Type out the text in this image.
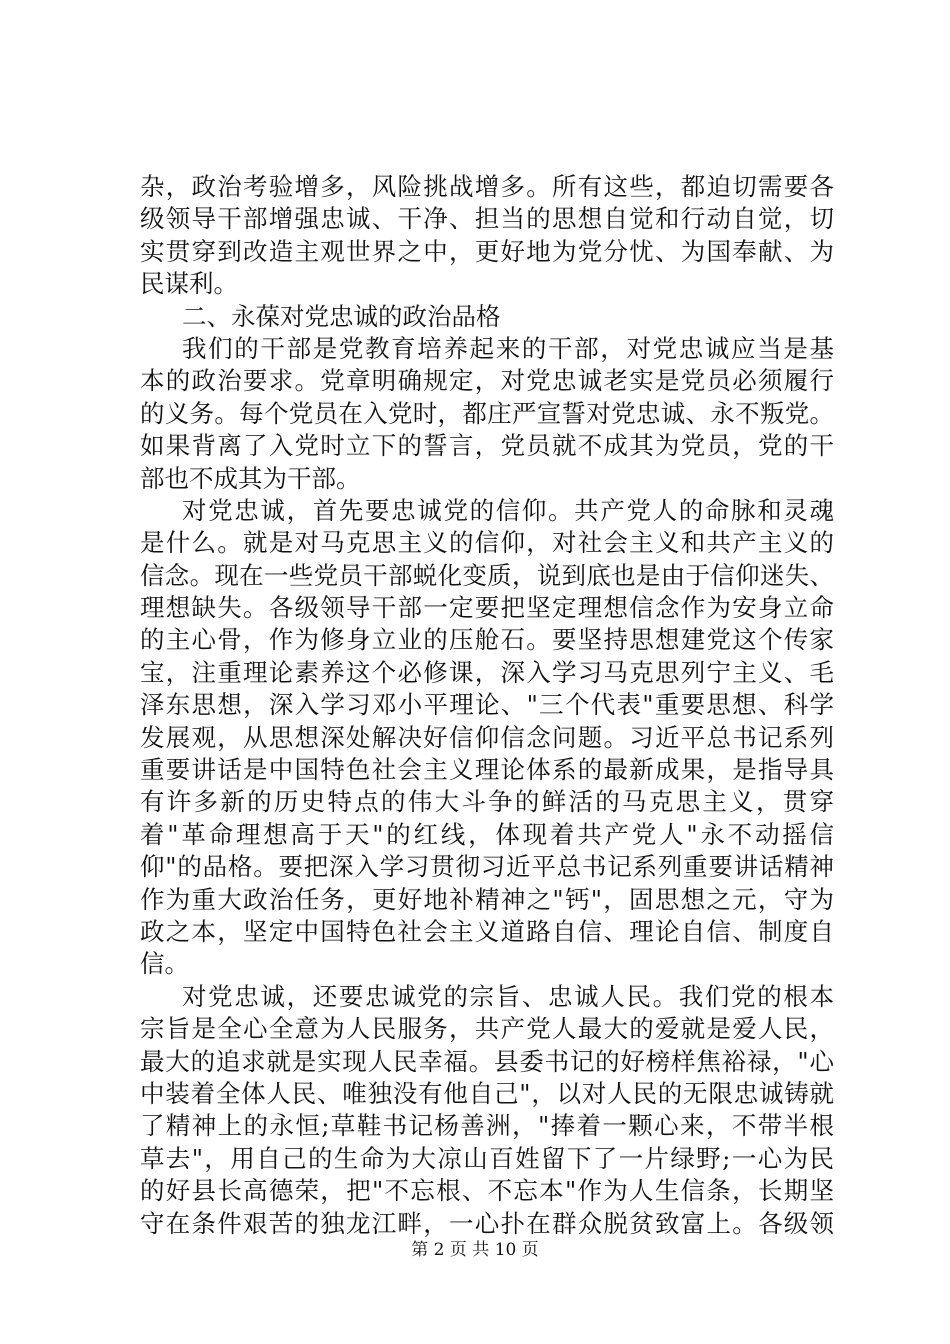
杂，政治考验增多，风险挑战增多。所有这些，都迫切需要各
级领导干部增强忠诚、干净、担当的思想自觉和行动自觉，切
实贯穿到改造主观世界之中，更好地为党分忧、为国奉献、为
民谋利。
二、永葆对党忠诚的政治品格
我们的干部是党教育培养起来的干部，对党忠诚应当是基
本的政治要求。党章明确规定，对党忠诚老实是党员必须履行
的义务。每个党员在入党时，都庄严宣誓对党忠诚、永不叛党。
如果背离了入党时立下的誓言，党员就不成其为党员，党的干
部也不成其为干部。
对党忠诚，首先要忠诚党的信仰。共产党人的命脉和灵魂
是什么。就是对马克思主义的信仰，对社会主义和共产主义的
信念。现在一些党员干部蜕化变质，说到底也是由于信仰迷失、
理想缺失。各级领导干部一定要把坚定理想信念作为安身立命
的主心骨，作为修身立业的压舱石。要坚持思想建党这个传家
宝，注重理论素养这个必修课，深入学习马克思列宁主义、毛
泽东思想，深入学习邓小平理论、"三个代表"重要思想、科学
发展观，从思想深处解决好信仰信念问题。习近平总书记系列
重要讲话是中国特色社会主义理论体系的最新成果，是指导具
有许多新的历史特点的伟大斗争的鲜活的马克思主义，贯穿
着"革命理想高于天"的红线，体现着共产党人"永不动摇信
仰"的品格。要把深入学习贯彻习近平总书记系列重要讲话精神
作为重大政治任务，更好地补精神之"钙"，固思想之元，守为
政之本，坚定中国特色社会主义道路自信、理论自信、制度自
信。
对党忠诚，还要忠诚党的宗旨、忠诚人民。我们党的根本
宗旨是全心全意为人民服务，共产党人最大的爱就是爱人民，
最大的追求就是实现人民幸福。县委书记的好榜样焦裕禄，"心
中装着全体人民、唯独没有他自己"，以对人民的无限忠诚铸就
了精神上的永恒;草鞋书记杨善洲，"捧着一颗心来，不带半根
草去"，用自己的生命为大凉山百姓留下了一片绿野;一心为民
的好县长高德荣，把"不忘根、不忘本"作为人生信条，长期坚
守在条件艰苦的独龙江畔，一心扑在群众脱贫致富上。各级领
第 2 页 共 10 页
